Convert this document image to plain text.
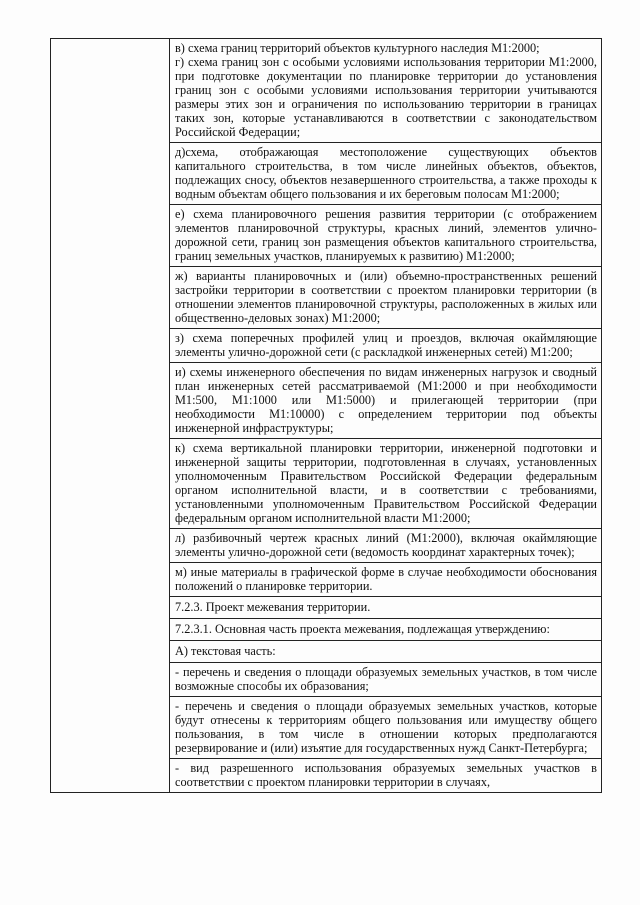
в) схема границ территорий объектов культурного наследия М1:2000;
г) схема границ зон с особыми условиями использования территории М1:2000, при подготовке документации по планировке территории до установления границ зон с особыми условиями использования территории учитываются размеры этих зон и ограничения по использованию территории в границах таких зон, которые устанавливаются в соответствии с законодательством Российской Федерации;
д)схема, отображающая местоположение существующих объектов капитального строительства, в том числе линейных объектов, объектов, подлежащих сносу, объектов незавершенного строительства, а также проходы к водным объектам общего пользования и их береговым полосам М1:2000;
е) схема планировочного решения развития территории (с отображением элементов планировочной структуры, красных линий, элементов улично-дорожной сети, границ зон размещения объектов капитального строительства, границ земельных участков, планируемых к развитию) М1:2000;
ж) варианты планировочных и (или) объемно-пространственных решений застройки территории в соответствии с проектом планировки территории (в отношении элементов планировочной структуры, расположенных в жилых или общественно-деловых зонах) М1:2000;
з) схема поперечных профилей улиц и проездов, включая окаймляющие элементы улично-дорожной сети (с раскладкой инженерных сетей) М1:200;
и) схемы инженерного обеспечения по видам инженерных нагрузок и сводный план инженерных сетей рассматриваемой (М1:2000 и при необходимости М1:500, М1:1000 или М1:5000) и прилегающей территории (при необходимости М1:10000) с определением территории под объекты инженерной инфраструктуры;
к) схема вертикальной планировки территории, инженерной подготовки и инженерной защиты территории, подготовленная в случаях, установленных уполномоченным Правительством Российской Федерации федеральным органом исполнительной власти, и в соответствии с требованиями, установленными уполномоченным Правительством Российской Федерации федеральным органом исполнительной власти М1:2000;
л) разбивочный чертеж красных линий (М1:2000), включая окаймляющие элементы улично-дорожной сети (ведомость координат характерных точек);
м) иные материалы в графической форме в случае необходимости обоснования положений о планировке территории.
7.2.3. Проект межевания территории.
7.2.3.1. Основная часть проекта межевания, подлежащая утверждению:
А) текстовая часть:
- перечень и сведения о площади образуемых земельных участков, в том числе возможные способы их образования;
- перечень и сведения о площади образуемых земельных участков, которые будут отнесены к территориям общего пользования или имуществу общего пользования, в том числе в отношении которых предполагаются резервирование и (или) изъятие для государственных нужд Санкт-Петербурга;
- вид разрешенного использования образуемых земельных участков в соответствии с проектом планировки территории в случаях,
